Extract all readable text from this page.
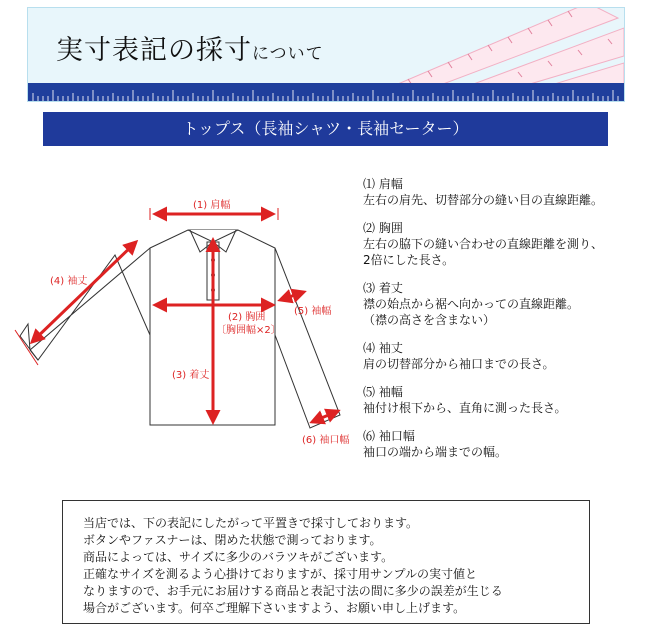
実寸表記の採寸について
トップス（長袖シャツ・長袖セーター）
(1) 肩幅
(2) 胸囲
〔胸囲幅×2〕
(3) 着丈
(4) 袖丈
(5) 袖幅
(6) 袖口幅
⑴ 肩幅
左右の肩先、切替部分の縫い目の直線距離。
⑵ 胸囲
左右の脇下の縫い合わせの直線距離を測り、
2倍にした長さ。
⑶ 着丈
襟の始点から裾へ向かっての直線距離。
（襟の高さを含まない）
⑷ 袖丈
肩の切替部分から袖口までの長さ。
⑸ 袖幅
袖付け根下から、直角に測った長さ。
⑹ 袖口幅
袖口の端から端までの幅。
当店では、下の表記にしたがって平置きで採寸しております。
ボタンやファスナーは、閉めた状態で測っております。
商品によっては、サイズに多少のバラツキがございます。
正確なサイズを測るよう心掛けておりますが、採寸用サンプルの実寸値と
なりますので、お手元にお届けする商品と表記寸法の間に多少の誤差が生じる
場合がございます。何卒ご理解下さいますよう、お願い申し上げます。
